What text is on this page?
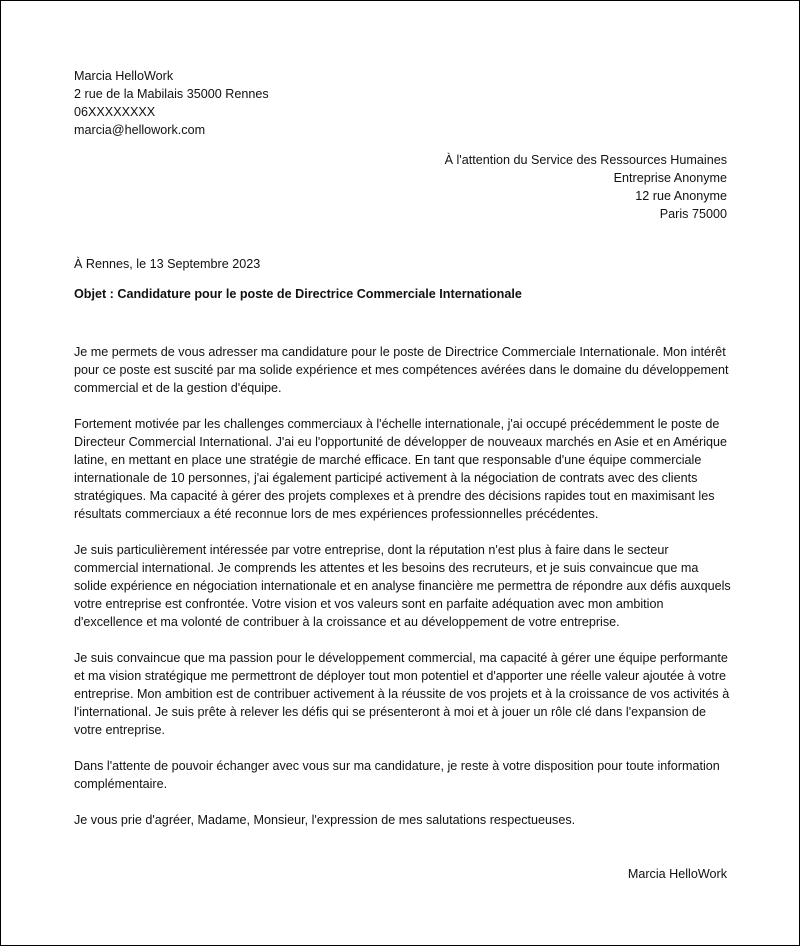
Marcia HelloWork
2 rue de la Mabilais 35000 Rennes
06XXXXXXXX
marcia@hellowork.com
À l'attention du Service des Ressources Humaines
Entreprise Anonyme
12 rue Anonyme
Paris 75000
À Rennes, le 13 Septembre 2023
Objet : Candidature pour le poste de Directrice Commerciale Internationale

Je me permets de vous adresser ma candidature pour le poste de Directrice Commerciale Internationale. Mon intérêt pour ce poste est suscité par ma solide expérience et mes compétences avérées dans le domaine du développement commercial et de la gestion d'équipe.

Fortement motivée par les challenges commerciaux à l'échelle internationale, j'ai occupé précédemment le poste de Directeur Commercial International. J'ai eu l'opportunité de développer de nouveaux marchés en Asie et en Amérique latine, en mettant en place une stratégie de marché efficace. En tant que responsable d'une équipe commerciale internationale de 10 personnes, j'ai également participé activement à la négociation de contrats avec des clients stratégiques. Ma capacité à gérer des projets complexes et à prendre des décisions rapides tout en maximisant les résultats commerciaux a été reconnue lors de mes expériences professionnelles précédentes.

Je suis particulièrement intéressée par votre entreprise, dont la réputation n'est plus à faire dans le secteur commercial international. Je comprends les attentes et les besoins des recruteurs, et je suis convaincue que ma solide expérience en négociation internationale et en analyse financière me permettra de répondre aux défis auxquels votre entreprise est confrontée. Votre vision et vos valeurs sont en parfaite adéquation avec mon ambition d'excellence et ma volonté de contribuer à la croissance et au développement de votre entreprise.

Je suis convaincue que ma passion pour le développement commercial, ma capacité à gérer une équipe performante et ma vision stratégique me permettront de déployer tout mon potentiel et d'apporter une réelle valeur ajoutée à votre entreprise. Mon ambition est de contribuer activement à la réussite de vos projets et à la croissance de vos activités à l'international. Je suis prête à relever les défis qui se présenteront à moi et à jouer un rôle clé dans l'expansion de votre entreprise.

Dans l'attente de pouvoir échanger avec vous sur ma candidature, je reste à votre disposition pour toute information complémentaire.

Je vous prie d'agréer, Madame, Monsieur, l'expression de mes salutations respectueuses.

Marcia HelloWork
